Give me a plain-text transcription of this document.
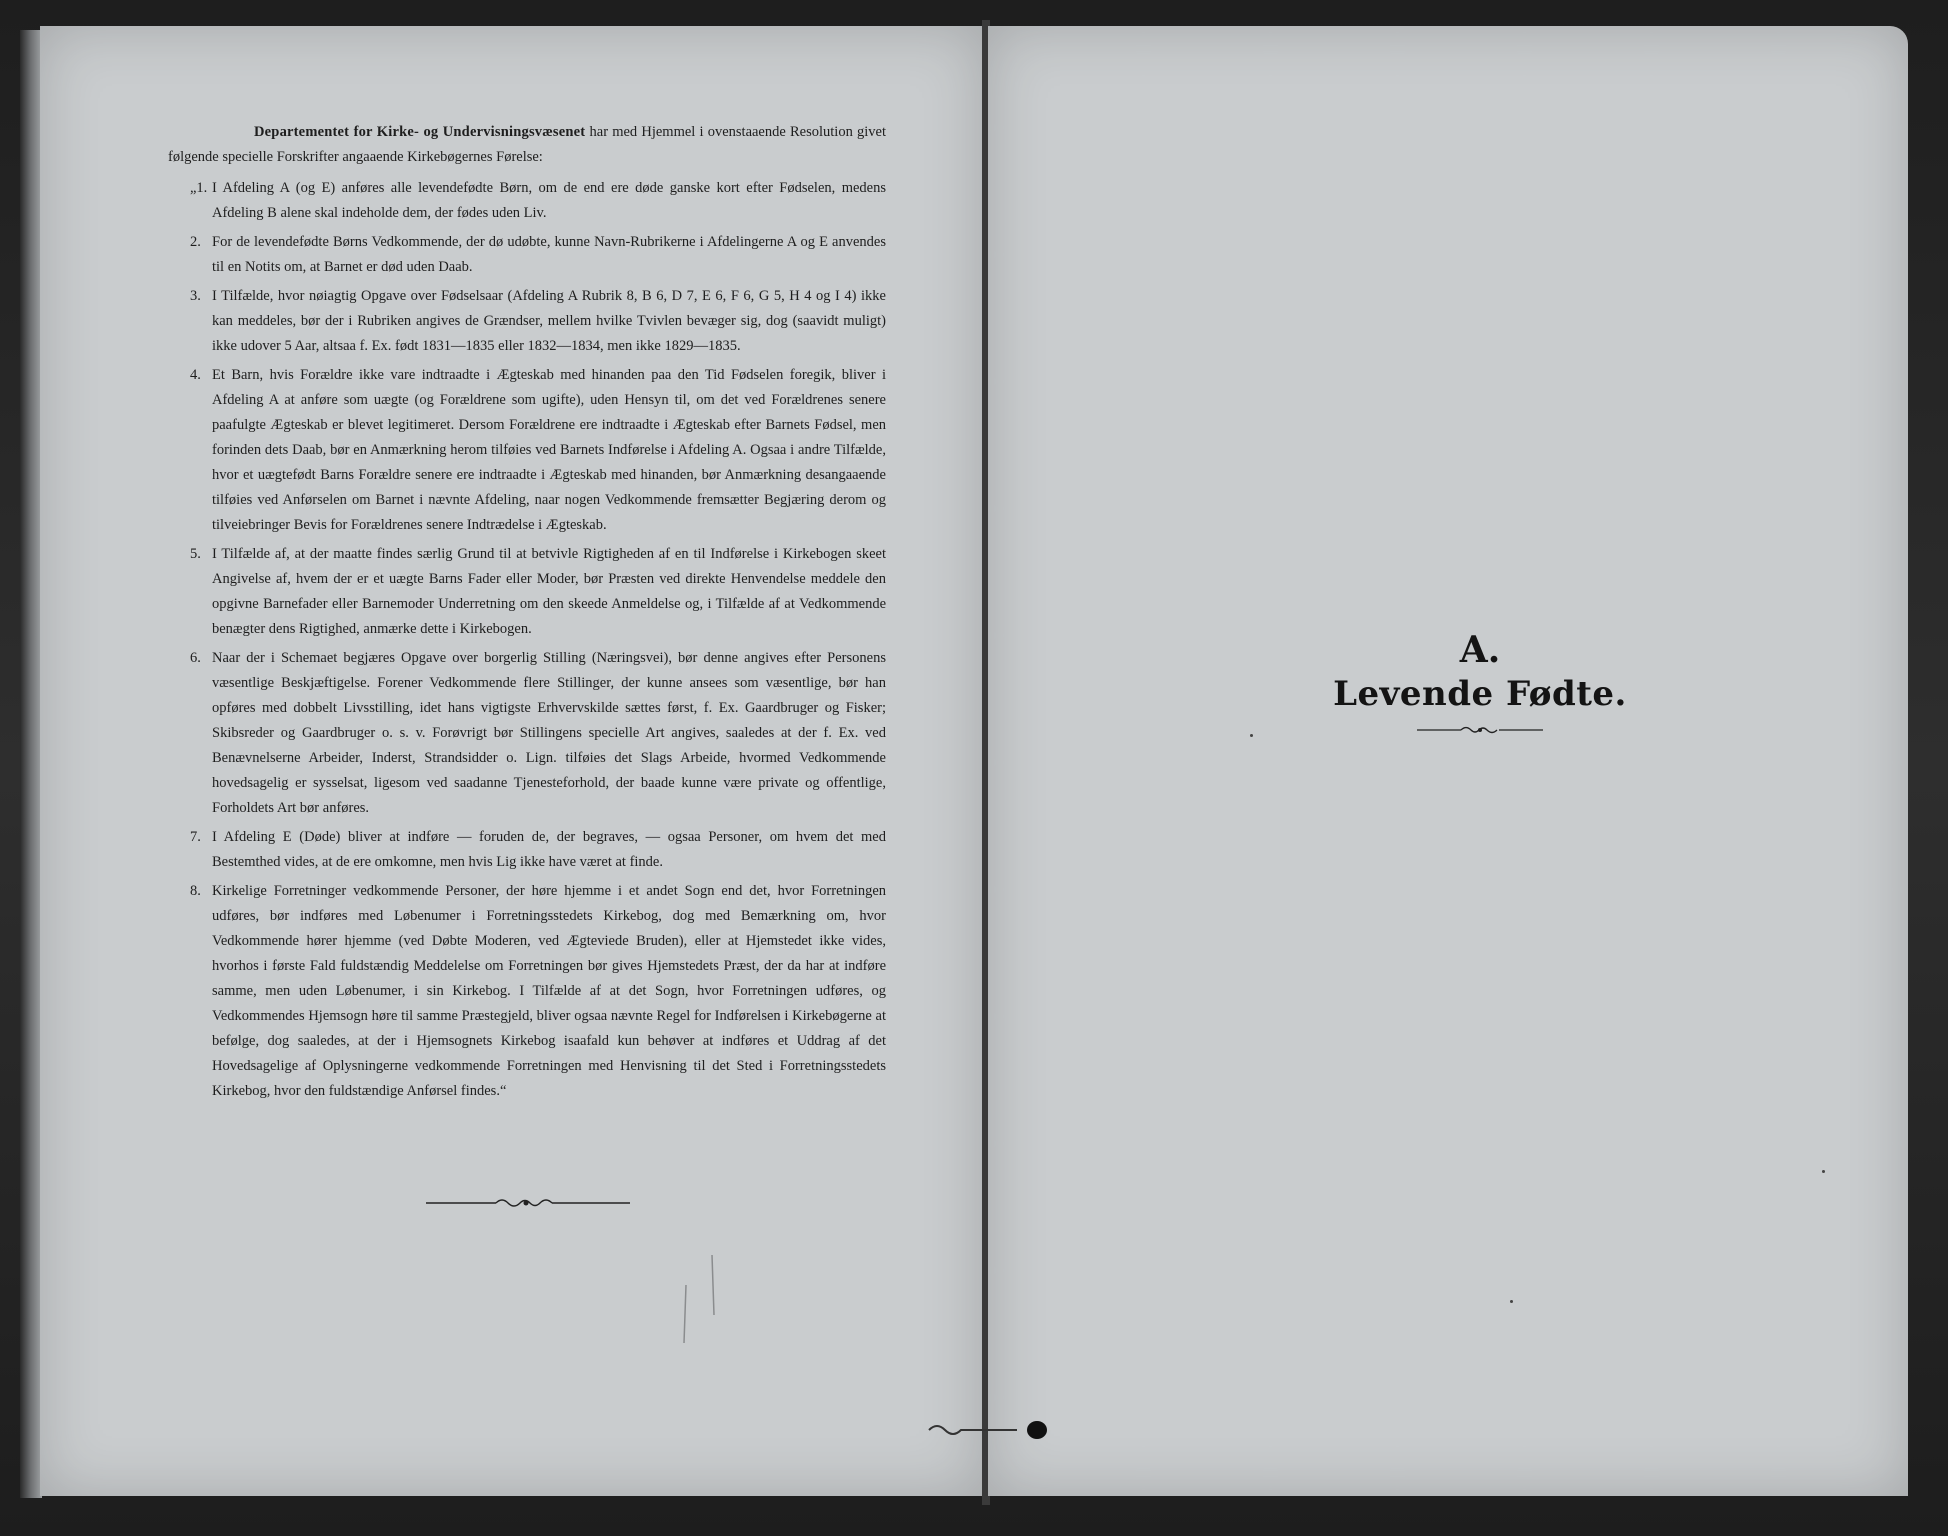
Departementet for Kirke- og Undervisningsvæsenet har med Hjemmel i ovenstaaende Resolution givet følgende specielle Forskrifter angaaende Kirkebøgernes Førelse:

„1. I Afdeling A (og E) anføres alle levendefødte Børn, om de end ere døde ganske kort efter Fødselen, medens Afdeling B alene skal indeholde dem, der fødes uden Liv.
2. For de levendefødte Børns Vedkommende, der dø udøbte, kunne Navn-Rubrikerne i Afdelingerne A og E anvendes til en Notits om, at Barnet er død uden Daab.
3. I Tilfælde, hvor nøiagtig Opgave over Fødselsaar (Afdeling A Rubrik 8, B 6, D 7, E 6, F 6, G 5, H 4 og I 4) ikke kan meddeles, bør der i Rubriken angives de Grændser, mellem hvilke Tvivlen bevæger sig, dog (saavidt muligt) ikke udover 5 Aar, altsaa f. Ex. født 1831—1835 eller 1832—1834, men ikke 1829—1835.
4. Et Barn, hvis Forældre ikke vare indtraadte i Ægteskab med hinanden paa den Tid Fødselen foregik, bliver i Afdeling A at anføre som uægte (og Forældrene som ugifte), uden Hensyn til, om det ved Forældrenes senere paafulgte Ægteskab er blevet legitimeret. Dersom Forældrene ere indtraadte i Ægteskab efter Barnets Fødsel, men forinden dets Daab, bør en Anmærkning herom tilføies ved Barnets Indførelse i Afdeling A. Ogsaa i andre Tilfælde, hvor et uægtefødt Barns Forældre senere ere indtraadte i Ægteskab med hinanden, bør Anmærkning desangaaende tilføies ved Anførselen om Barnet i nævnte Afdeling, naar nogen Vedkommende fremsætter Begjæring derom og tilveiebringer Bevis for Forældrenes senere Indtrædelse i Ægteskab.
5. I Tilfælde af, at der maatte findes særlig Grund til at betvivle Rigtigheden af en til Indførelse i Kirkebogen skeet Angivelse af, hvem der er et uægte Barns Fader eller Moder, bør Præsten ved direkte Henvendelse meddele den opgivne Barnefader eller Barnemoder Underretning om den skeede Anmeldelse og, i Tilfælde af at Vedkommende benægter dens Rigtighed, anmærke dette i Kirkebogen.
6. Naar der i Schemaet begjæres Opgave over borgerlig Stilling (Næringsvei), bør denne angives efter Personens væsentlige Beskjæftigelse. Forener Vedkommende flere Stillinger, der kunne ansees som væsentlige, bør han opføres med dobbelt Livsstilling, idet hans vigtigste Erhvervskilde sættes først, f. Ex. Gaardbruger og Fisker; Skibsreder og Gaardbruger o. s. v. Forøvrigt bør Stillingens specielle Art angives, saaledes at der f. Ex. ved Benævnelserne Arbeider, Inderst, Strandsidder o. Lign. tilføies det Slags Arbeide, hvormed Vedkommende hovedsagelig er sysselsat, ligesom ved saadanne Tjenesteforhold, der baade kunne være private og offentlige, Forholdets Art bør anføres.
7. I Afdeling E (Døde) bliver at indføre — foruden de, der begraves, — ogsaa Personer, om hvem det med Bestemthed vides, at de ere omkomne, men hvis Lig ikke have været at finde.
8. Kirkelige Forretninger vedkommende Personer, der høre hjemme i et andet Sogn end det, hvor Forretningen udføres, bør indføres med Løbenumer i Forretningsstedets Kirkebog, dog med Bemærkning om, hvor Vedkommende hører hjemme (ved Døbte Moderen, ved Ægteviede Bruden), eller at Hjemstedet ikke vides, hvorhos i første Fald fuldstændig Meddelelse om Forretningen bør gives Hjemstedets Præst, der da har at indføre samme, men uden Løbenumer, i sin Kirkebog. I Tilfælde af at det Sogn, hvor Forretningen udføres, og Vedkommendes Hjemsogn høre til samme Præstegjeld, bliver ogsaa nævnte Regel for Indførelsen i Kirkebøgerne at befølge, dog saaledes, at der i Hjemsognets Kirkebog isaafald kun behøver at indføres et Uddrag af det Hovedsagelige af Oplysningerne vedkommende Forretningen med Henvisning til det Sted i Forretningsstedets Kirkebog, hvor den fuldstændige Anførsel findes.“
A.
Levende Fødte.
